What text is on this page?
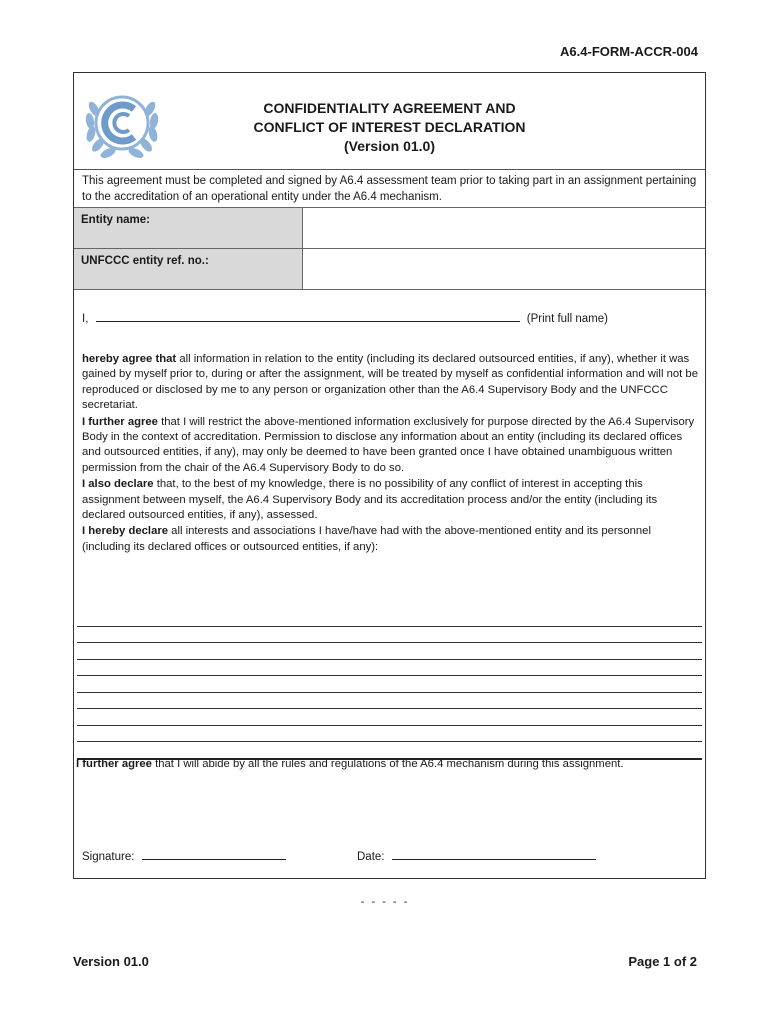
A6.4-FORM-ACCR-004
CONFIDENTIALITY AGREEMENT AND
CONFLICT OF INTEREST DECLARATION
(Version 01.0)
This agreement must be completed and signed by A6.4 assessment team prior to taking part in an assignment pertaining to the accreditation of an operational entity under the A6.4 mechanism.
Entity name:	
UNFCCC entity ref. no.:	
I,	(Print full name)

hereby agree that all information in relation to the entity (including its declared outsourced entities, if any), whether it was gained by myself prior to, during or after the assignment, will be treated by myself as confidential information and will not be reproduced or disclosed by me to any person or organization other than the A6.4 Supervisory Body and the UNFCCC secretariat.

I further agree that I will restrict the above-mentioned information exclusively for purpose directed by the A6.4 Supervisory Body in the context of accreditation. Permission to disclose any information about an entity (including its declared offices and outsourced entities, if any), may only be deemed to have been granted once I have obtained unambiguous written permission from the chair of the A6.4 Supervisory Body to do so.

I also declare that, to the best of my knowledge, there is no possibility of any conflict of interest in accepting this assignment between myself, the A6.4 Supervisory Body and its accreditation process and/or the entity (including its declared outsourced entities, if any), assessed.

I hereby declare all interests and associations I have/have had with the above-mentioned entity and its personnel (including its declared offices or outsourced entities, if any):

I further agree that I will abide by all the rules and regulations of the A6.4 mechanism during this assignment.
Signature:	Date:
- - - - -
Version 01.0	Page 1 of 2
